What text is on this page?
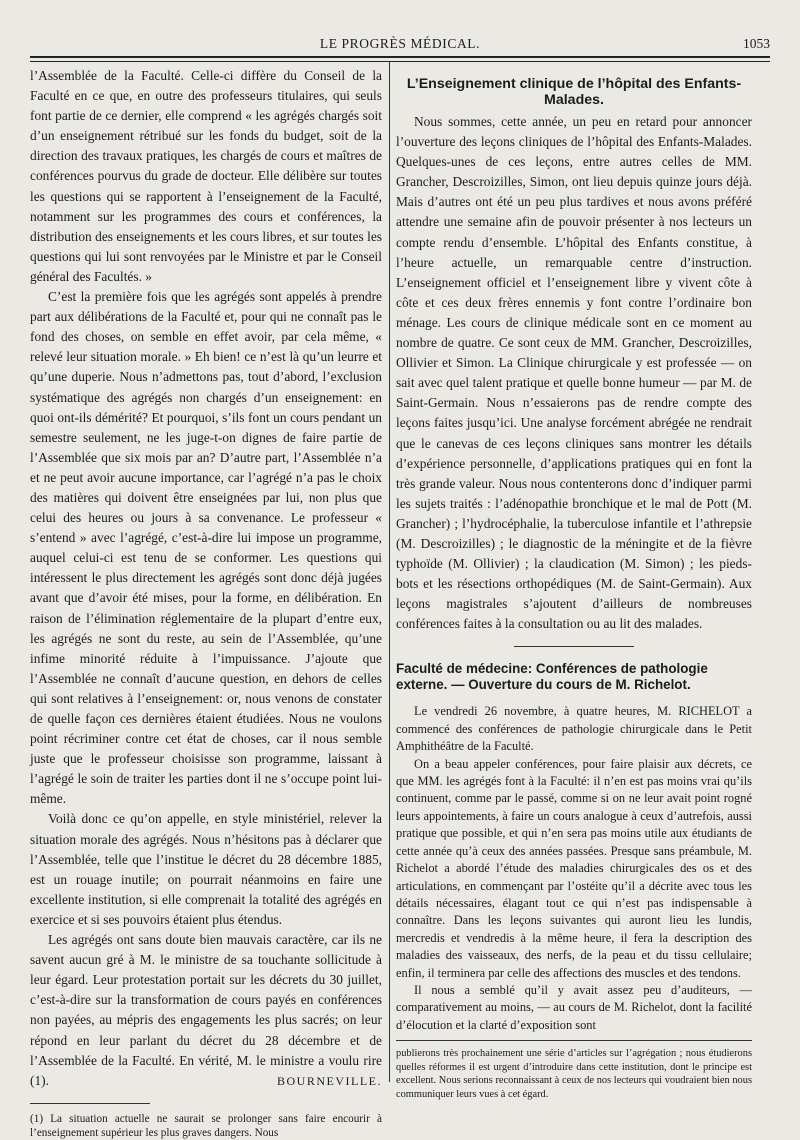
LE PROGRÈS MÉDICAL.	1053

l’Assemblée de la Faculté. Celle-ci diffère du Conseil de la Faculté en ce que, en outre des professeurs titulaires, qui seuls font partie de ce dernier, elle comprend « les agrégés chargés soit d’un enseignement rétribué sur les fonds du budget, soit de la direction des travaux pratiques, les chargés de cours et maîtres de conférences pourvus du grade de docteur. Elle délibère sur toutes les questions qui se rapportent à l’enseignement de la Faculté, notamment sur les programmes des cours et conférences, la distribution des enseignements et les cours libres, et sur toutes les questions qui lui sont renvoyées par le Ministre et par le Conseil général des Facultés. »

C’est la première fois que les agrégés sont appelés à prendre part aux délibérations de la Faculté et, pour qui ne connaît pas le fond des choses, on semble en effet avoir, par cela même, « relevé leur situation morale. » Eh bien! ce n’est là qu’un leurre et qu’une duperie. Nous n’admettons pas, tout d’abord, l’exclusion systématique des agrégés non chargés d’un enseignement: en quoi ont-ils démérité? Et pourquoi, s’ils font un cours pendant un semestre seulement, ne les juge-t-on dignes de faire partie de l’Assemblée que six mois par an? D’autre part, l’Assemblée n’a et ne peut avoir aucune importance, car l’agrégé n’a pas le choix des matières qui doivent être enseignées par lui, non plus que celui des heures ou jours à sa convenance. Le professeur « s’entend » avec l’agrégé, c’est-à-dire lui impose un programme, auquel celui-ci est tenu de se conformer. Les questions qui intéressent le plus directement les agrégés sont donc déjà jugées avant que d’avoir été mises, pour la forme, en délibération. En raison de l’élimination réglementaire de la plupart d’entre eux, les agrégés ne sont du reste, au sein de l’Assemblée, qu’une infime minorité réduite à l’impuissance. J’ajoute que l’Assemblée ne connaît d’aucune question, en dehors de celles qui sont relatives à l’enseignement: or, nous venons de constater de quelle façon ces dernières étaient étudiées. Nous ne voulons point récriminer contre cet état de choses, car il nous semble juste que le professeur choisisse son programme, laissant à l’agrégé le soin de traiter les parties dont il ne s’occupe point lui-même.

Voilà donc ce qu’on appelle, en style ministériel, relever la situation morale des agrégés. Nous n’hésitons pas à déclarer que l’Assemblée, telle que l’institue le décret du 28 décembre 1885, est un rouage inutile; on pourrait néanmoins en faire une excellente institution, si elle comprenait la totalité des agrégés en exercice et si ses pouvoirs étaient plus étendus.

Les agrégés ont sans doute bien mauvais caractère, car ils ne savent aucun gré à M. le ministre de sa touchante sollicitude à leur égard. Leur protestation portait sur les décrets du 30 juillet, c’est-à-dire sur la transformation de cours payés en conférences non payées, au mépris des engagements les plus sacrés; on leur répond en leur parlant du décret du 28 décembre et de l’Assemblée de la Faculté. En vérité, M. le ministre a voulu rire (1).	BOURNEVILLE.

(1) La situation actuelle ne saurait se prolonger sans faire encourir à l’enseignement supérieur les plus graves dangers. Nous

L’Enseignement clinique de l’hôpital des Enfants-Malades.

Nous sommes, cette année, un peu en retard pour annoncer l’ouverture des leçons cliniques de l’hôpital des Enfants-Malades. Quelques-unes de ces leçons, entre autres celles de MM. Grancher, Descroizilles, Simon, ont lieu depuis quinze jours déjà. Mais d’autres ont été un peu plus tardives et nous avons préféré attendre une semaine afin de pouvoir présenter à nos lecteurs un compte rendu d’ensemble. L’hôpital des Enfants constitue, à l’heure actuelle, un remarquable centre d’instruction. L’enseignement officiel et l’enseignement libre y vivent côte à côte et ces deux frères ennemis y font contre l’ordinaire bon ménage. Les cours de clinique médicale sont en ce moment au nombre de quatre. Ce sont ceux de MM. Grancher, Descroizilles, Ollivier et Simon. La Clinique chirurgicale y est professée — on sait avec quel talent pratique et quelle bonne humeur — par M. de Saint-Germain. Nous n’essaierons pas de rendre compte des leçons faites jusqu’ici. Une analyse forcément abrégée ne rendrait que le canevas de ces leçons cliniques sans montrer les détails d’expérience personnelle, d’applications pratiques qui en font la très grande valeur. Nous nous contenterons donc d’indiquer parmi les sujets traités : l’adénopathie bronchique et le mal de Pott (M. Grancher) ; l’hydrocéphalie, la tuberculose infantile et l’athrepsie (M. Descroizilles) ; le diagnostic de la méningite et de la fièvre typhoïde (M. Ollivier) ; la claudication (M. Simon) ; les pieds-bots et les résections orthopédiques (M. de Saint-Germain). Aux leçons magistrales s’ajoutent d’ailleurs de nombreuses conférences faites à la consultation ou au lit des malades.

Faculté de médecine: Conférences de pathologie externe. — Ouverture du cours de M. Richelot.

Le vendredi 26 novembre, à quatre heures, M. RICHELOT a commencé des conférences de pathologie chirurgicale dans le Petit Amphithéâtre de la Faculté.

On a beau appeler conférences, pour faire plaisir aux décrets, ce que MM. les agrégés font à la Faculté: il n’en est pas moins vrai qu’ils continuent, comme par le passé, comme si on ne leur avait point rogné leurs appointements, à faire un cours analogue à ceux d’autrefois, aussi pratique que possible, et qui n’en sera pas moins utile aux étudiants de cette année qu’à ceux des années passées. Presque sans préambule, M. Richelot a abordé l’étude des maladies chirurgicales des os et des articulations, en commençant par l’ostéite qu’il a décrite avec tous les détails nécessaires, élagant tout ce qui n’est pas indispensable à connaître. Dans les leçons suivantes qui auront lieu les lundis, mercredis et vendredis à la même heure, il fera la description des maladies des vaisseaux, des nerfs, de la peau et du tissu cellulaire; enfin, il terminera par celle des affections des muscles et des tendons.

Il nous a semblé qu’il y avait assez peu d’auditeurs, — comparativement au moins, — au cours de M. Richelot, dont la facilité d’élocution et la clarté d’exposition sont

publierons très prochainement une série d’articles sur l’agrégation ; nous étudierons quelles réformes il est urgent d’introduire dans cette institution, dont le principe est excellent. Nous serions reconnaissant à ceux de nos lecteurs qui voudraient bien nous communiquer leurs vues à cet égard.
